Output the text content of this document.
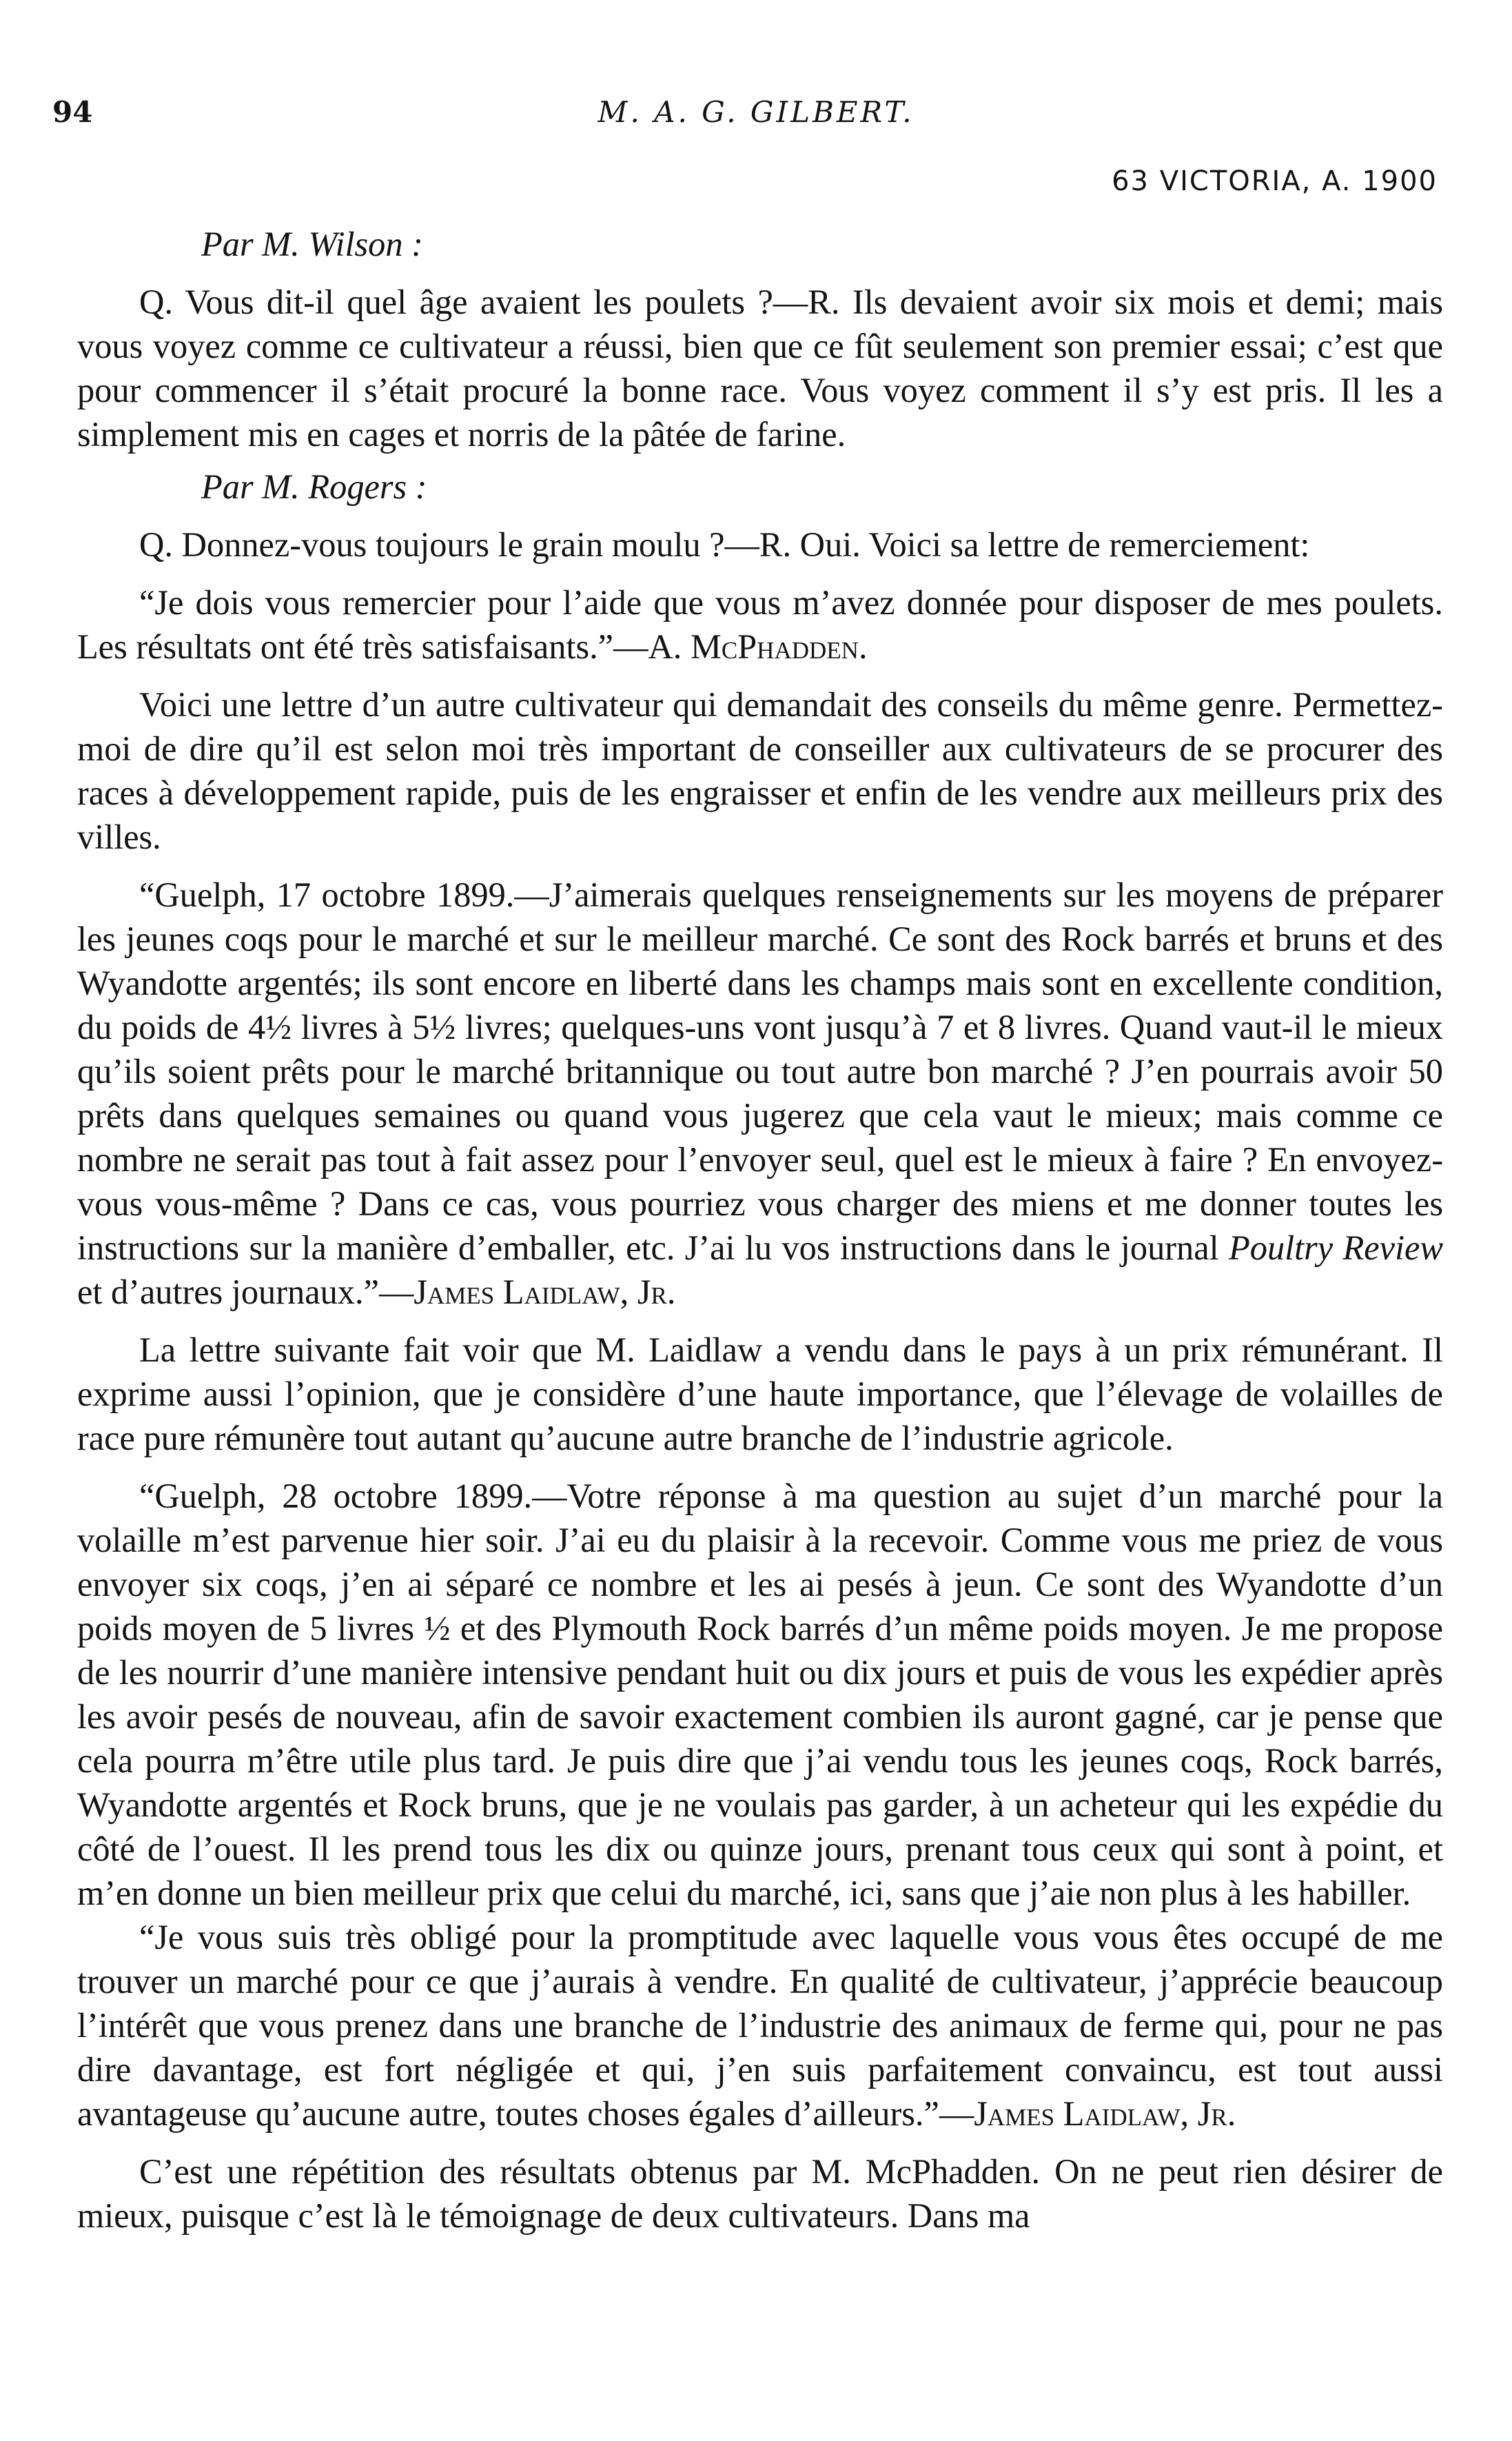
94	M. A. G. GILBERT.
63 VICTORIA, A. 1900

Par M. Wilson :

Q. Vous dit-il quel âge avaient les poulets ?—R. Ils devaient avoir six mois et demi; mais vous voyez comme ce cultivateur a réussi, bien que ce fût seulement son premier essai; c’est que pour commencer il s’était procuré la bonne race. Vous voyez comment il s’y est pris. Il les a simplement mis en cages et norris de la pâtée de farine.

Par M. Rogers :

Q. Donnez-vous toujours le grain moulu ?—R. Oui. Voici sa lettre de remerciement:

“Je dois vous remercier pour l’aide que vous m’avez donnée pour disposer de mes poulets. Les résultats ont été très satisfaisants.”—A. McPhadden.

Voici une lettre d’un autre cultivateur qui demandait des conseils du même genre. Permettez-moi de dire qu’il est selon moi très important de conseiller aux cultivateurs de se procurer des races à développement rapide, puis de les engraisser et enfin de les vendre aux meilleurs prix des villes.

“Guelph, 17 octobre 1899.—J’aimerais quelques renseignements sur les moyens de préparer les jeunes coqs pour le marché et sur le meilleur marché. Ce sont des Rock barrés et bruns et des Wyandotte argentés; ils sont encore en liberté dans les champs mais sont en excellente condition, du poids de 4½ livres à 5½ livres; quelques-uns vont jusqu’à 7 et 8 livres. Quand vaut-il le mieux qu’ils soient prêts pour le marché britannique ou tout autre bon marché ? J’en pourrais avoir 50 prêts dans quelques semaines ou quand vous jugerez que cela vaut le mieux; mais comme ce nombre ne serait pas tout à fait assez pour l’envoyer seul, quel est le mieux à faire ? En envoyez-vous vous-même ? Dans ce cas, vous pourriez vous charger des miens et me donner toutes les instructions sur la manière d’emballer, etc. J’ai lu vos instructions dans le journal Poultry Review et d’autres journaux.”—James Laidlaw, Jr.

La lettre suivante fait voir que M. Laidlaw a vendu dans le pays à un prix rémunérant. Il exprime aussi l’opinion, que je considère d’une haute importance, que l’élevage de volailles de race pure rémunère tout autant qu’aucune autre branche de l’industrie agricole.

“Guelph, 28 octobre 1899.—Votre réponse à ma question au sujet d’un marché pour la volaille m’est parvenue hier soir. J’ai eu du plaisir à la recevoir. Comme vous me priez de vous envoyer six coqs, j’en ai séparé ce nombre et les ai pesés à jeun. Ce sont des Wyandotte d’un poids moyen de 5 livres ½ et des Plymouth Rock barrés d’un même poids moyen. Je me propose de les nourrir d’une manière intensive pendant huit ou dix jours et puis de vous les expédier après les avoir pesés de nouveau, afin de savoir exactement combien ils auront gagné, car je pense que cela pourra m’être utile plus tard. Je puis dire que j’ai vendu tous les jeunes coqs, Rock barrés, Wyandotte argentés et Rock bruns, que je ne voulais pas garder, à un acheteur qui les expédie du côté de l’ouest. Il les prend tous les dix ou quinze jours, prenant tous ceux qui sont à point, et m’en donne un bien meilleur prix que celui du marché, ici, sans que j’aie non plus à les habiller.

“Je vous suis très obligé pour la promptitude avec laquelle vous vous êtes occupé de me trouver un marché pour ce que j’aurais à vendre. En qualité de cultivateur, j’apprécie beaucoup l’intérêt que vous prenez dans une branche de l’industrie des animaux de ferme qui, pour ne pas dire davantage, est fort négligée et qui, j’en suis parfaitement convaincu, est tout aussi avantageuse qu’aucune autre, toutes choses égales d’ailleurs.”—James Laidlaw, Jr.

C’est une répétition des résultats obtenus par M. McPhadden. On ne peut rien désirer de mieux, puisque c’est là le témoignage de deux cultivateurs. Dans ma
